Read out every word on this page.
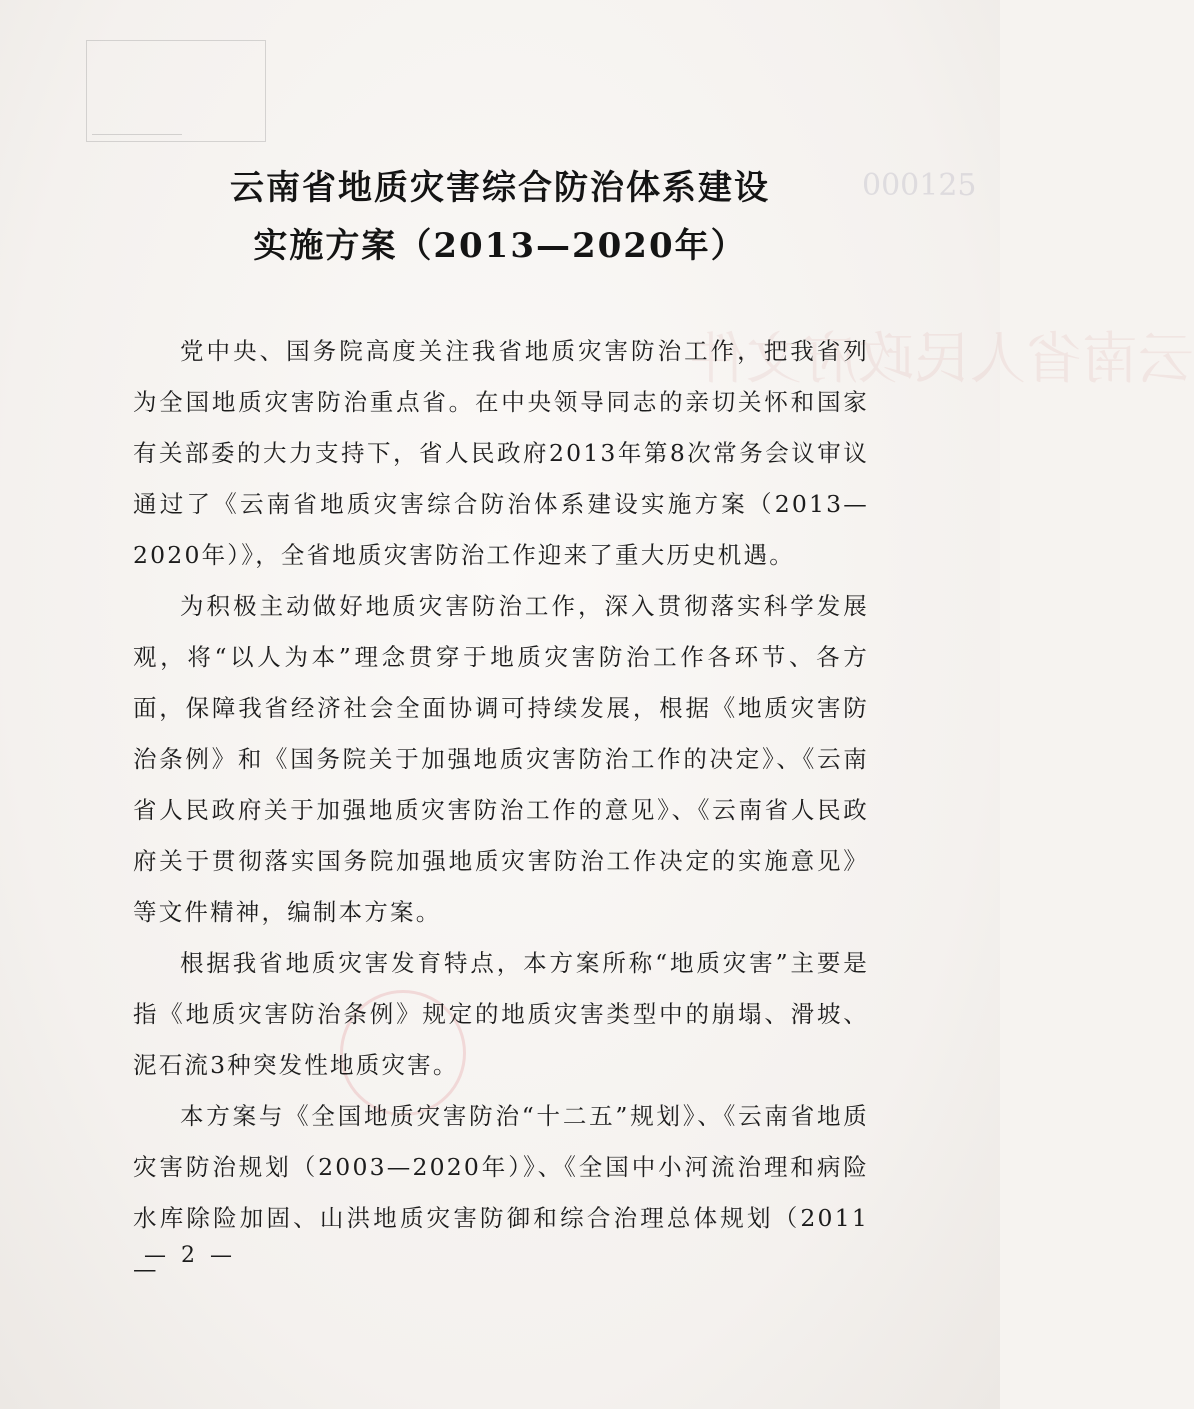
000125
云南省人民政府文件
云南省地质灾害综合防治体系建设
实施方案（2013—2020年）

党中央、国务院高度关注我省地质灾害防治工作，把我省列为全国地质灾害防治重点省。在中央领导同志的亲切关怀和国家有关部委的大力支持下，省人民政府2013年第8次常务会议审议通过了《云南省地质灾害综合防治体系建设实施方案（2013—2020年）》，全省地质灾害防治工作迎来了重大历史机遇。

为积极主动做好地质灾害防治工作，深入贯彻落实科学发展观，将“以人为本”理念贯穿于地质灾害防治工作各环节、各方面，保障我省经济社会全面协调可持续发展，根据《地质灾害防治条例》和《国务院关于加强地质灾害防治工作的决定》、《云南省人民政府关于加强地质灾害防治工作的意见》、《云南省人民政府关于贯彻落实国务院加强地质灾害防治工作决定的实施意见》等文件精神，编制本方案。

根据我省地质灾害发育特点，本方案所称“地质灾害”主要是指《地质灾害防治条例》规定的地质灾害类型中的崩塌、滑坡、泥石流3种突发性地质灾害。

本方案与《全国地质灾害防治“十二五”规划》、《云南省地质灾害防治规划（2003—2020年）》、《全国中小河流治理和病险水库除险加固、山洪地质灾害防御和综合治理总体规划（2011—

— 2 —
